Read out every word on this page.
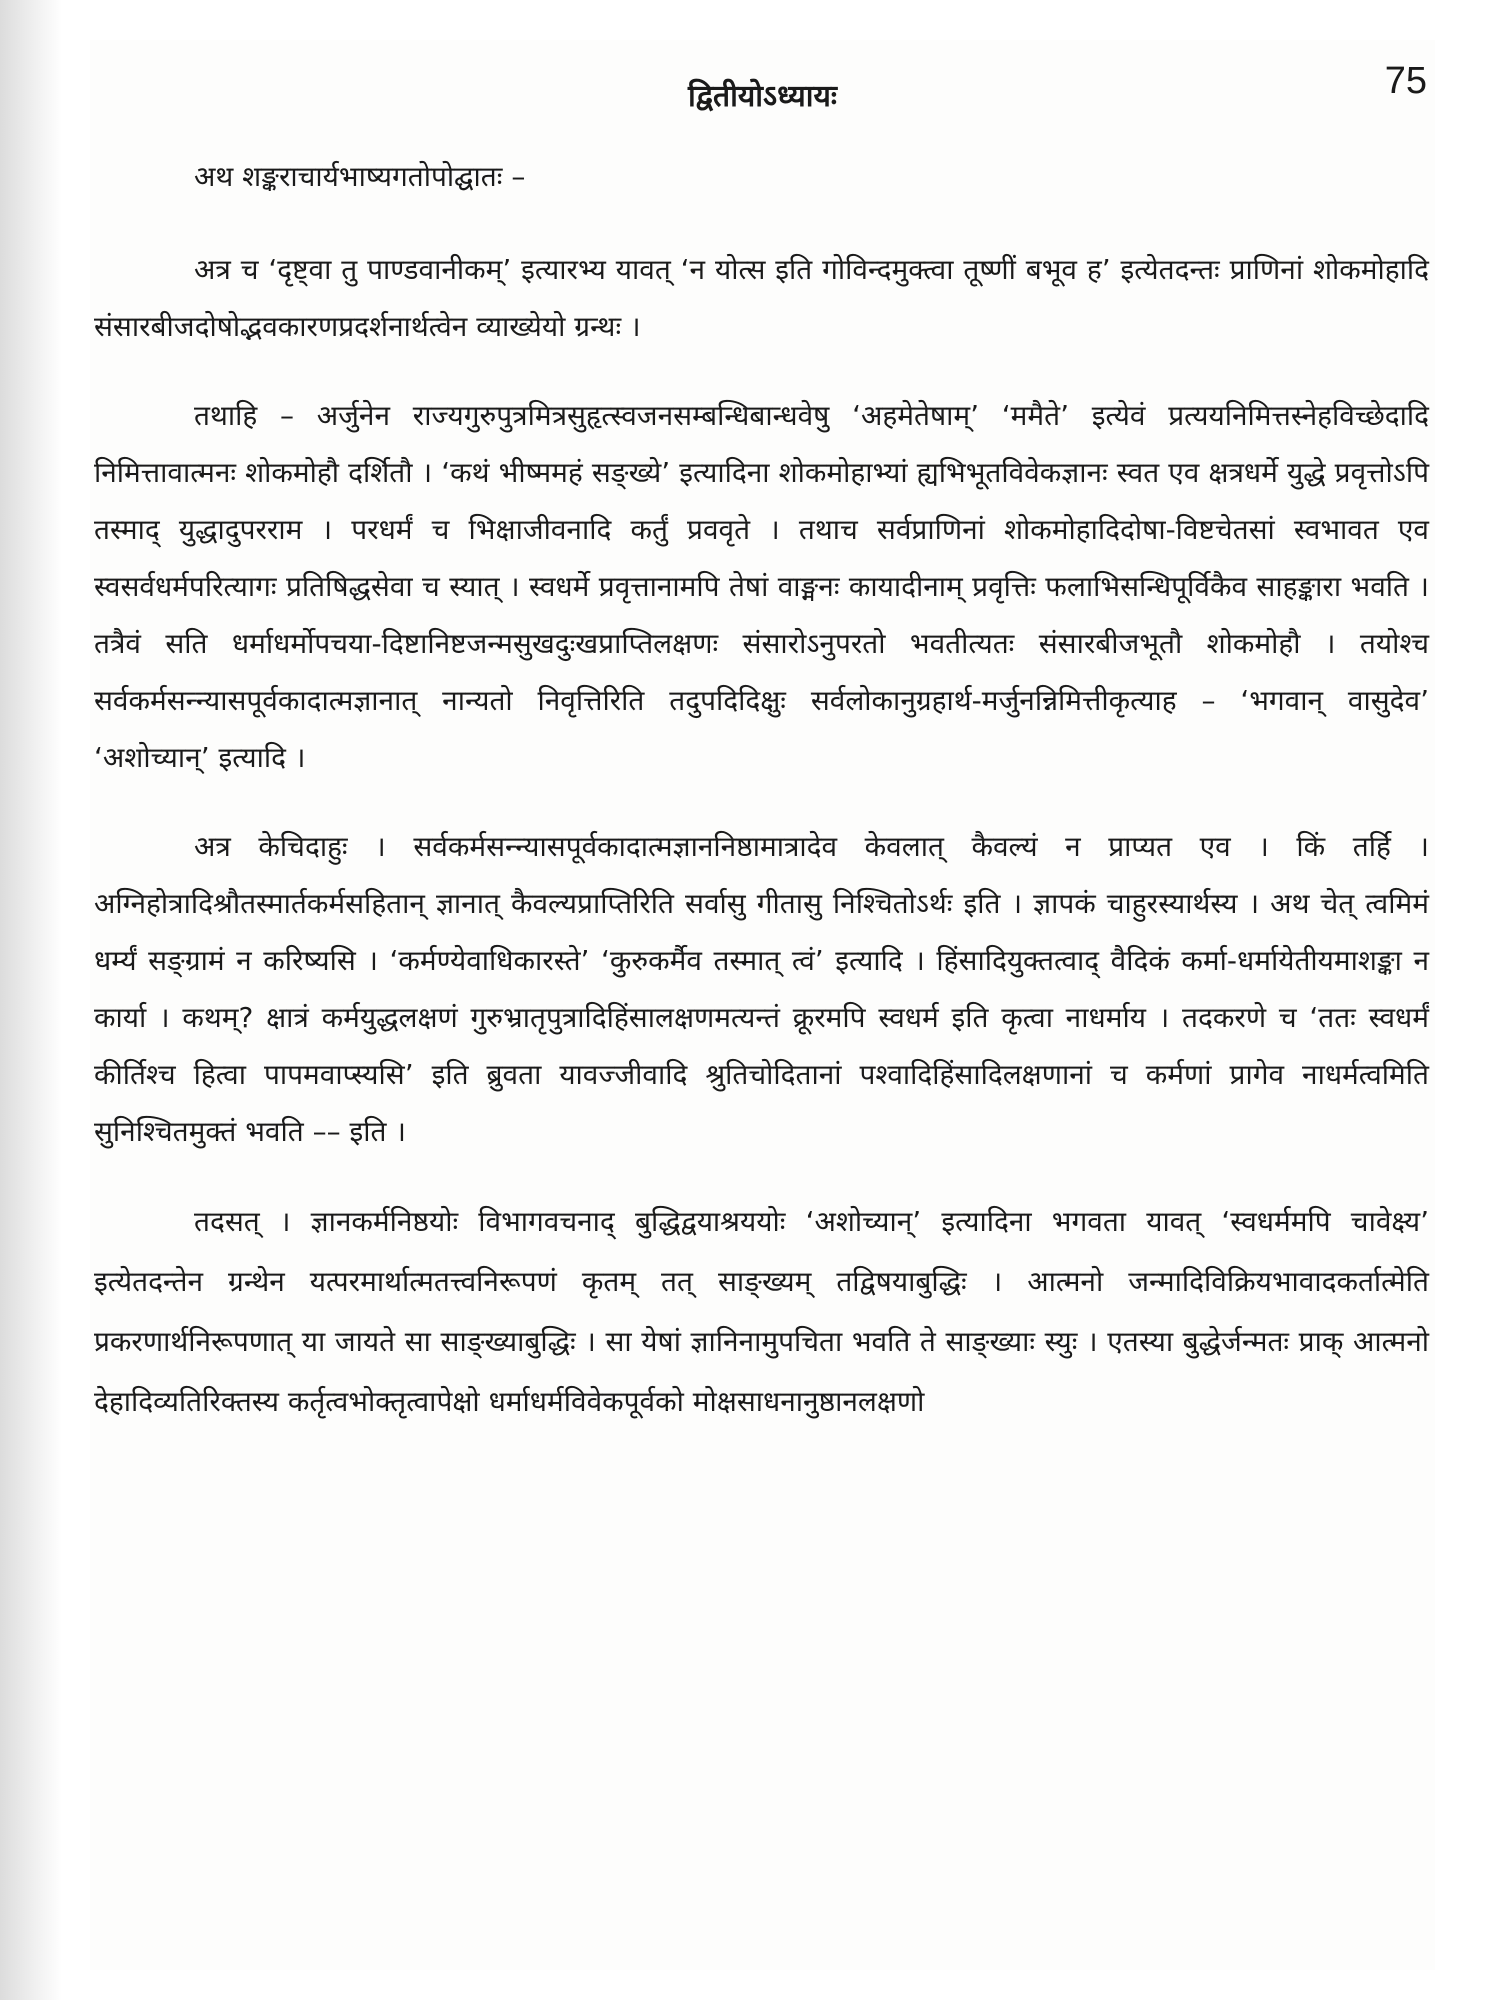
द्वितीयोऽध्यायः	75

अथ शङ्कराचार्यभाष्यगतोपोद्घातः –

अत्र च ‘दृष्ट्वा तु पाण्डवानीकम्’ इत्यारभ्य यावत् ‘न योत्स इति गोविन्दमुक्त्वा तूष्णीं बभूव ह’ इत्येतदन्तः प्राणिनां शोकमोहादि संसारबीजदोषोद्भवकारणप्रदर्शनार्थत्वेन व्याख्येयो ग्रन्थः ।

तथाहि – अर्जुनेन राज्यगुरुपुत्रमित्रसुहृत्स्वजनसम्बन्धिबान्धवेषु ‘अहमेतेषाम्’ ‘ममैते’ इत्येवं प्रत्ययनिमित्तस्नेहविच्छेदादि निमित्तावात्मनः शोकमोहौ दर्शितौ । ‘कथं भीष्ममहं सङ्ख्ये’ इत्यादिना शोकमोहाभ्यां ह्यभिभूतविवेकज्ञानः स्वत एव क्षत्रधर्मे युद्धे प्रवृत्तोऽपि तस्माद् युद्धादुपरराम । परधर्मं च भिक्षाजीवनादि कर्तुं प्रववृते । तथाच सर्वप्राणिनां शोकमोहादिदोषा-विष्टचेतसां स्वभावत एव स्वसर्वधर्मपरित्यागः प्रतिषिद्धसेवा च स्यात् । स्वधर्मे प्रवृत्तानामपि तेषां वाङ्मनः कायादीनाम् प्रवृत्तिः फलाभिसन्धिपूर्विकैव साहङ्कारा भवति । तत्रैवं सति धर्माधर्मोपचया-दिष्टानिष्टजन्मसुखदुःखप्राप्तिलक्षणः संसारोऽनुपरतो भवतीत्यतः संसारबीजभूतौ शोकमोहौ । तयोश्च सर्वकर्मसन्न्यासपूर्वकादात्मज्ञानात् नान्यतो निवृत्तिरिति तदुपदिदिक्षुः सर्वलोकानुग्रहार्थ-मर्जुनन्निमित्तीकृत्याह – ‘भगवान् वासुदेव’ ‘अशोच्यान्’ इत्यादि ।

अत्र केचिदाहुः । सर्वकर्मसन्न्यासपूर्वकादात्मज्ञाननिष्ठामात्रादेव केवलात् कैवल्यं न प्राप्यत एव । किं तर्हि । अग्निहोत्रादिश्रौतस्मार्तकर्मसहितान् ज्ञानात् कैवल्यप्राप्तिरिति सर्वासु गीतासु निश्चितोऽर्थः इति । ज्ञापकं चाहुरस्यार्थस्य । अथ चेत् त्वमिमं धर्म्यं सङ्ग्रामं न करिष्यसि । ‘कर्मण्येवाधिकारस्ते’ ‘कुरुकर्मैव तस्मात् त्वं’ इत्यादि । हिंसादियुक्तत्वाद् वैदिकं कर्मा-धर्मायेतीयमाशङ्का न कार्या । कथम्? क्षात्रं कर्मयुद्धलक्षणं गुरुभ्रातृपुत्रादिहिंसालक्षणमत्यन्तं क्रूरमपि स्वधर्म इति कृत्वा नाधर्माय । तदकरणे च ‘ततः स्वधर्मं कीर्तिश्च हित्वा पापमवाप्स्यसि’ इति ब्रुवता यावज्जीवादि श्रुतिचोदितानां पश्वादिहिंसादिलक्षणानां च कर्मणां प्रागेव नाधर्मत्वमिति सुनिश्चितमुक्तं भवति –– इति ।

तदसत् । ज्ञानकर्मनिष्ठयोः विभागवचनाद् बुद्धिद्वयाश्रययोः ‘अशोच्यान्’ इत्यादिना भगवता यावत् ‘स्वधर्ममपि चावेक्ष्य’ इत्येतदन्तेन ग्रन्थेन यत्परमार्थात्मतत्त्वनिरूपणं कृतम् तत् साङ्ख्यम् तद्विषयाबुद्धिः । आत्मनो जन्मादिविक्रियभावादकर्तात्मेति प्रकरणार्थनिरूपणात् या जायते सा साङ्ख्याबुद्धिः । सा येषां ज्ञानिनामुपचिता भवति ते साङ्ख्याः स्युः । एतस्या बुद्धेर्जन्मतः प्राक् आत्मनो देहादिव्यतिरिक्तस्य कर्तृत्वभोक्तृत्वापेक्षो धर्माधर्मविवेकपूर्वको मोक्षसाधनानुष्ठानलक्षणो
